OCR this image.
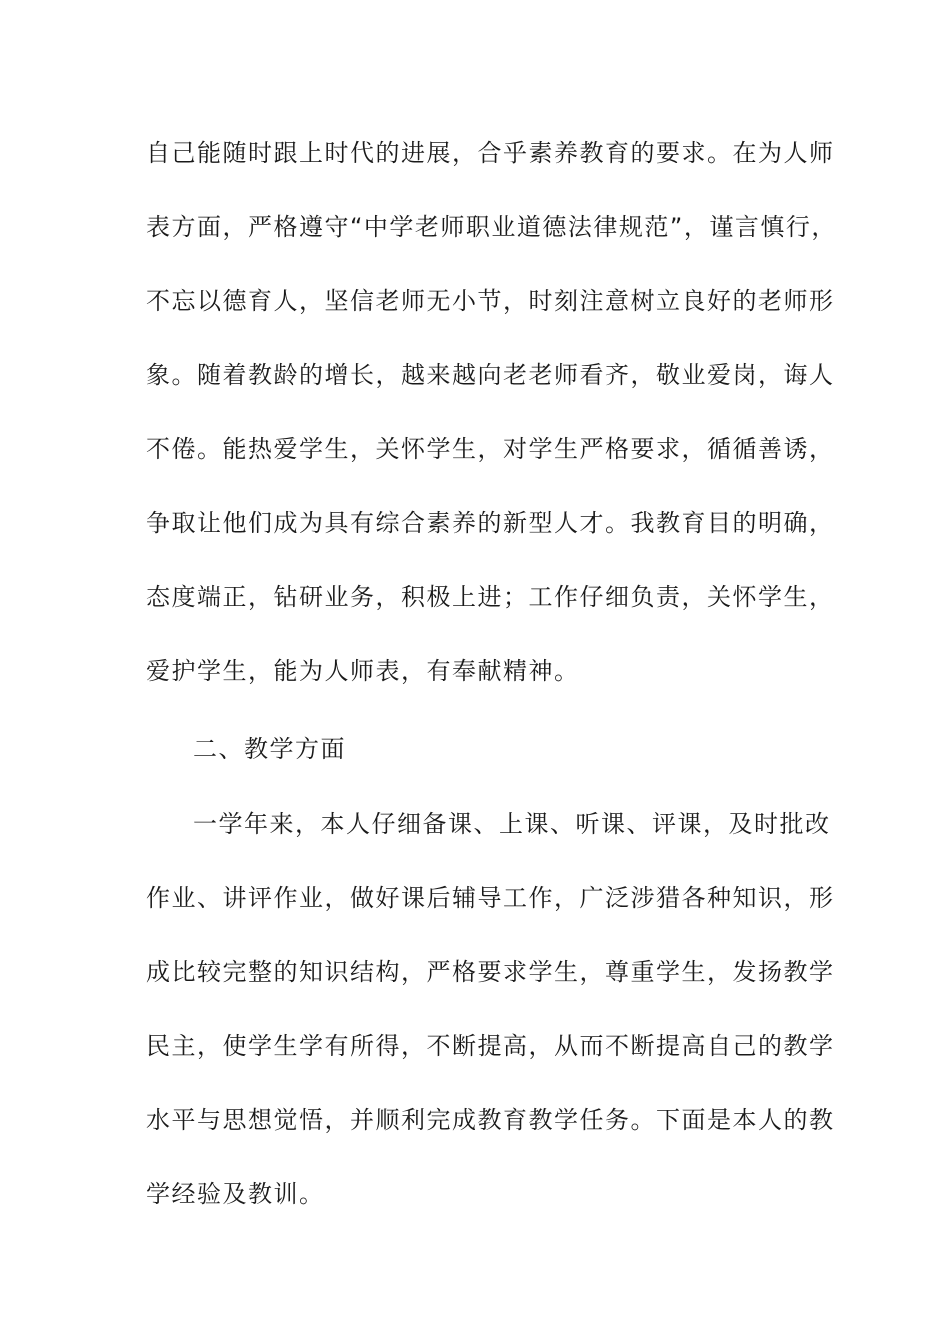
自己能随时跟上时代的进展，合乎素养教育的要求。在为人师
表方面，严格遵守“中学老师职业道德法律规范”，谨言慎行，
不忘以德育人，坚信老师无小节，时刻注意树立良好的老师形
象。随着教龄的增长，越来越向老老师看齐，敬业爱岗，诲人
不倦。能热爱学生，关怀学生，对学生严格要求，循循善诱，
争取让他们成为具有综合素养的新型人才。我教育目的明确，
态度端正，钻研业务，积极上进；工作仔细负责，关怀学生，
爱护学生，能为人师表，有奉献精神。
二、教学方面
一学年来，本人仔细备课、上课、听课、评课，及时批改
作业、讲评作业，做好课后辅导工作，广泛涉猎各种知识，形
成比较完整的知识结构，严格要求学生，尊重学生，发扬教学
民主，使学生学有所得，不断提高，从而不断提高自己的教学
水平与思想觉悟，并顺利完成教育教学任务。下面是本人的教
学经验及教训。
